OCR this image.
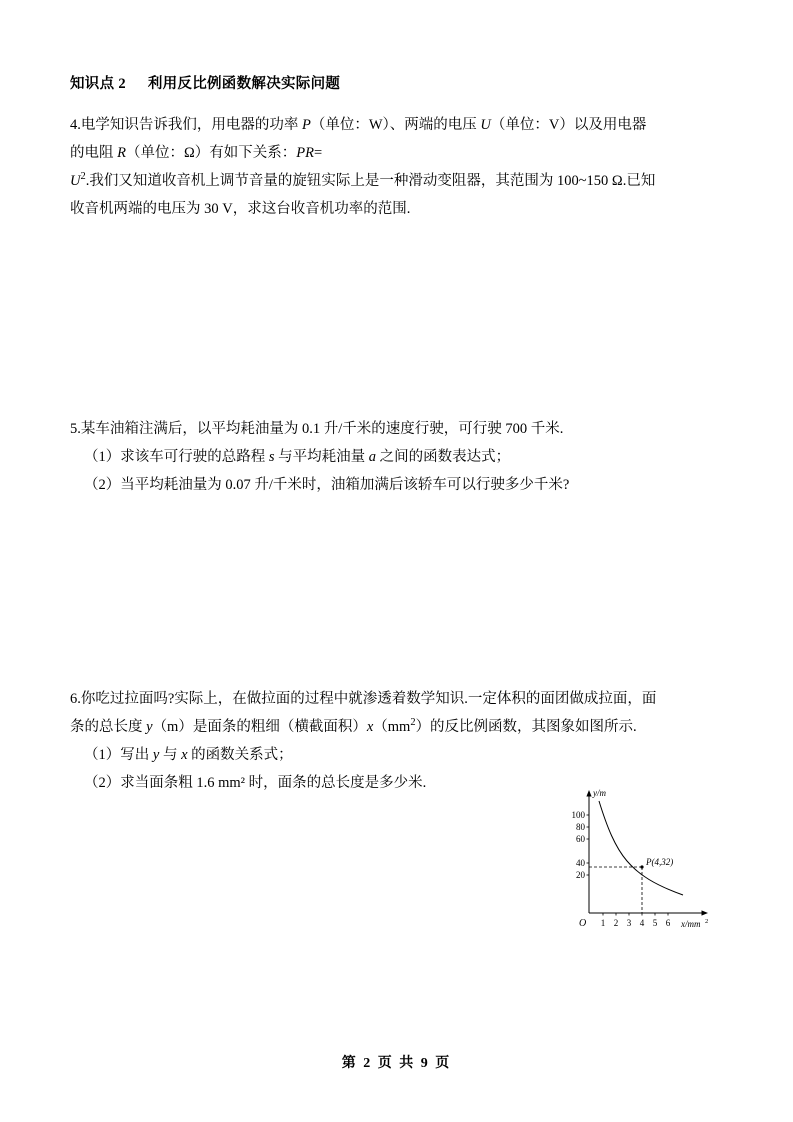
知识点 2 利用反比例函数解决实际问题
4.电学知识告诉我们，用电器的功率 P（单位：W）、两端的电压 U（单位：V）以及用电器
的电阻 R（单位：Ω）有如下关系：PR=
$U^2$.我们又知道收音机上调节音量的旋钮实际上是一种滑动变阻器，其范围为 100~150 Ω.已知
收音机两端的电压为 30 V，求这台收音机功率的范围.
5.某车油箱注满后，以平均耗油量为 0.1 升/千米的速度行驶，可行驶 700 千米.
（1）求该车可行驶的总路程 s 与平均耗油量 a 之间的函数表达式；
（2）当平均耗油量为 0.07 升/千米时，油箱加满后该轿车可以行驶多少千米?
6.你吃过拉面吗?实际上，在做拉面的过程中就渗透着数学知识.一定体积的面团做成拉面，面
条的总长度 y（m）是面条的粗细（横截面积）$x(mm^2)$的反比例函数，其图象如图所示.
（1）写出 y 与 x 的函数关系式；
（2）求当面条粗 1.6 mm² 时，面条的总长度是多少米.
100
80
60
40
20
y/m
x/mm 2
O 1 2 3 4 5 6
P(4,32)
第 2 页 共 9 页
